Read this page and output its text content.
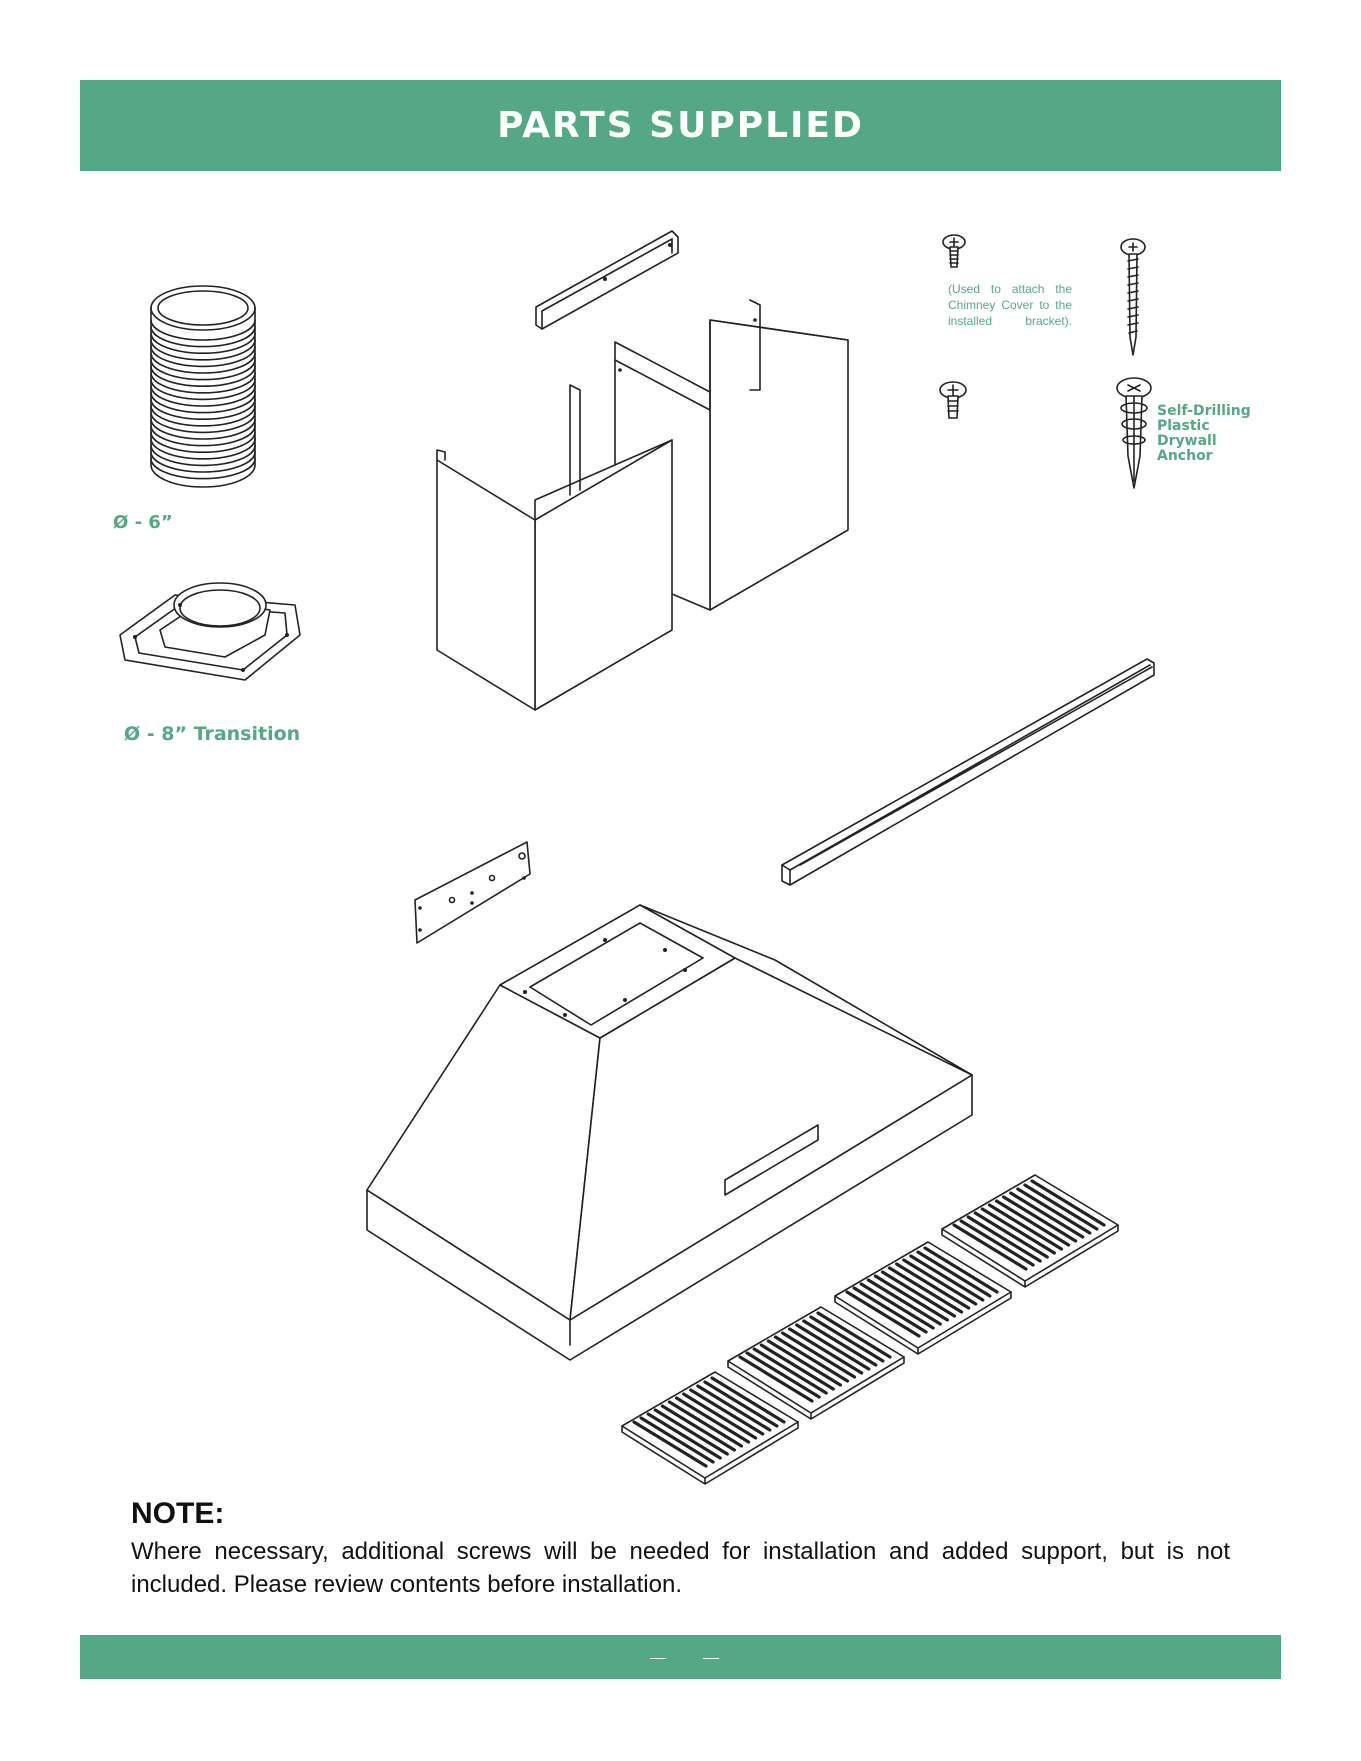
PARTS SUPPLIED
Ø - 6”
Ø - 8” Transition
(Used to attach the Chimney Cover to the installed bracket).
Self-Drilling Plastic Drywall Anchor
NOTE:
Where necessary, additional screws will be needed for installation and added support, but is not included. Please review contents before installation.
